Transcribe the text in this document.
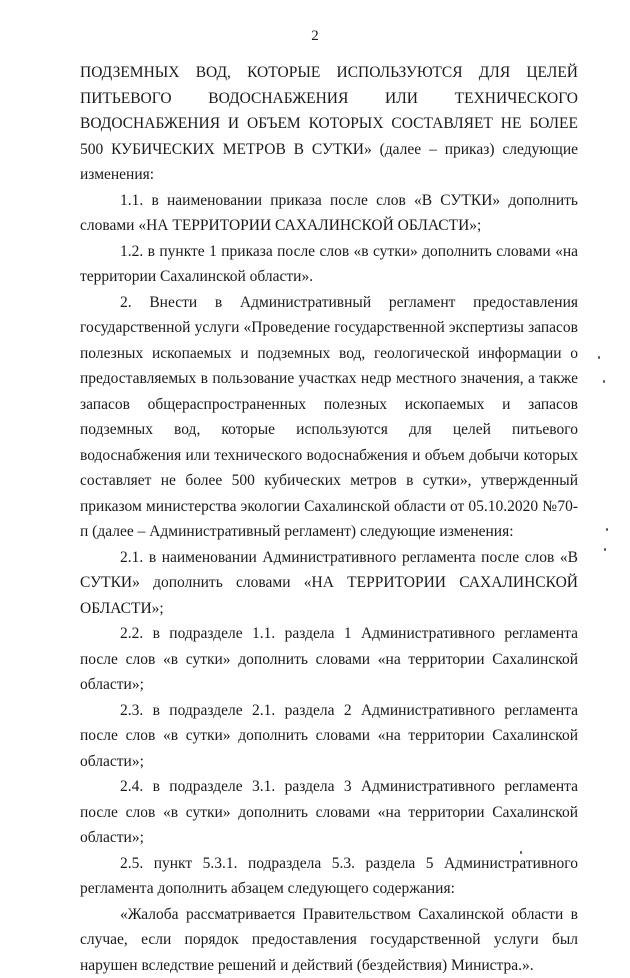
2

ПОДЗЕМНЫХ ВОД, КОТОРЫЕ ИСПОЛЬЗУЮТСЯ ДЛЯ ЦЕЛЕЙ ПИТЬЕВОГО ВОДОСНАБЖЕНИЯ ИЛИ ТЕХНИЧЕСКОГО ВОДОСНАБЖЕНИЯ И ОБЪЕМ КОТОРЫХ СОСТАВЛЯЕТ НЕ БОЛЕЕ 500 КУБИЧЕСКИХ МЕТРОВ В СУТКИ» (далее – приказ) следующие изменения:

1.1. в наименовании приказа после слов «В СУТКИ» дополнить словами «НА ТЕРРИТОРИИ САХАЛИНСКОЙ ОБЛАСТИ»;

1.2. в пункте 1 приказа после слов «в сутки» дополнить словами «на территории Сахалинской области».

2. Внести в Административный регламент предоставления государственной услуги «Проведение государственной экспертизы запасов полезных ископаемых и подземных вод, геологической информации о предоставляемых в пользование участках недр местного значения, а также запасов общераспространенных полезных ископаемых и запасов подземных вод, которые используются для целей питьевого водоснабжения или технического водоснабжения и объем добычи которых составляет не более 500 кубических метров в сутки», утвержденный приказом министерства экологии Сахалинской области от 05.10.2020 №70-п (далее – Административный регламент) следующие изменения:

2.1. в наименовании Административного регламента после слов «В СУТКИ» дополнить словами «НА ТЕРРИТОРИИ САХАЛИНСКОЙ ОБЛАСТИ»;

2.2. в подразделе 1.1. раздела 1 Административного регламента после слов «в сутки» дополнить словами «на территории Сахалинской области»;

2.3. в подразделе 2.1. раздела 2 Административного регламента после слов «в сутки» дополнить словами «на территории Сахалинской области»;

2.4. в подразделе 3.1. раздела 3 Административного регламента после слов «в сутки» дополнить словами «на территории Сахалинской области»;

2.5. пункт 5.3.1. подраздела 5.3. раздела 5 Административного регламента дополнить абзацем следующего содержания:

«Жалоба рассматривается Правительством Сахалинской области в случае, если порядок предоставления государственной услуги был нарушен вследствие решений и действий (бездействия) Министра.».
